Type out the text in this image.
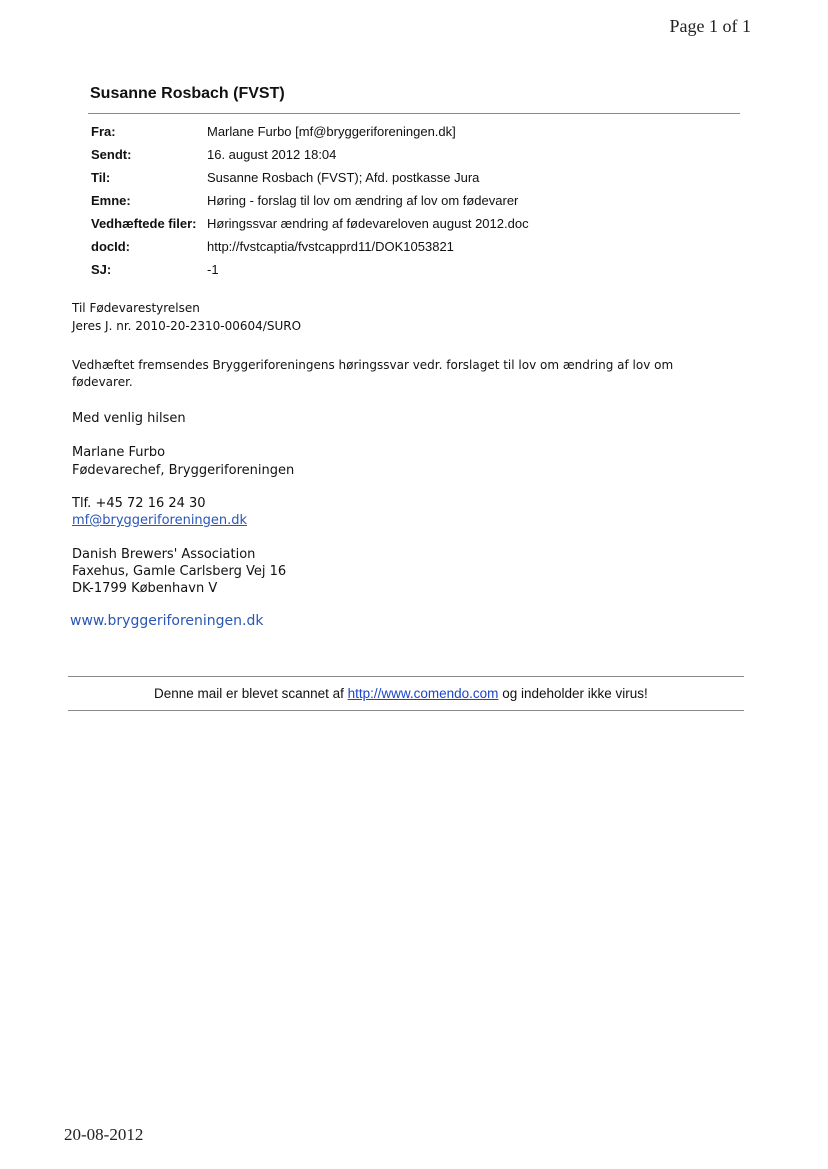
Page 1 of 1
Susanne Rosbach (FVST)
Fra:	Marlane Furbo [mf@bryggeriforeningen.dk]
Sendt:	16. august 2012 18:04
Til:	Susanne Rosbach (FVST); Afd. postkasse Jura
Emne:	Høring - forslag til lov om ændring af lov om fødevarer
Vedhæftede filer: Høringssvar ændring af fødevareloven august 2012.doc
docId:	http://fvstcaptia/fvstcapprd11/DOK1053821
SJ:	-1
Til Fødevarestyrelsen
Jeres J. nr. 2010-20-2310-00604/SURO
Vedhæftet fremsendes Bryggeriforeningens høringssvar vedr. forslaget til lov om ændring af lov om
fødevarer.
Med venlig hilsen
Marlane Furbo
Fødevarechef, Bryggeriforeningen
Tlf. +45 72 16 24 30
mf@bryggeriforeningen.dk
Danish Brewers' Association
Faxehus, Gamle Carlsberg Vej 16
DK-1799 København V
www.bryggeriforeningen.dk
Denne mail er blevet scannet af http://www.comendo.com og indeholder ikke virus!
20-08-2012
